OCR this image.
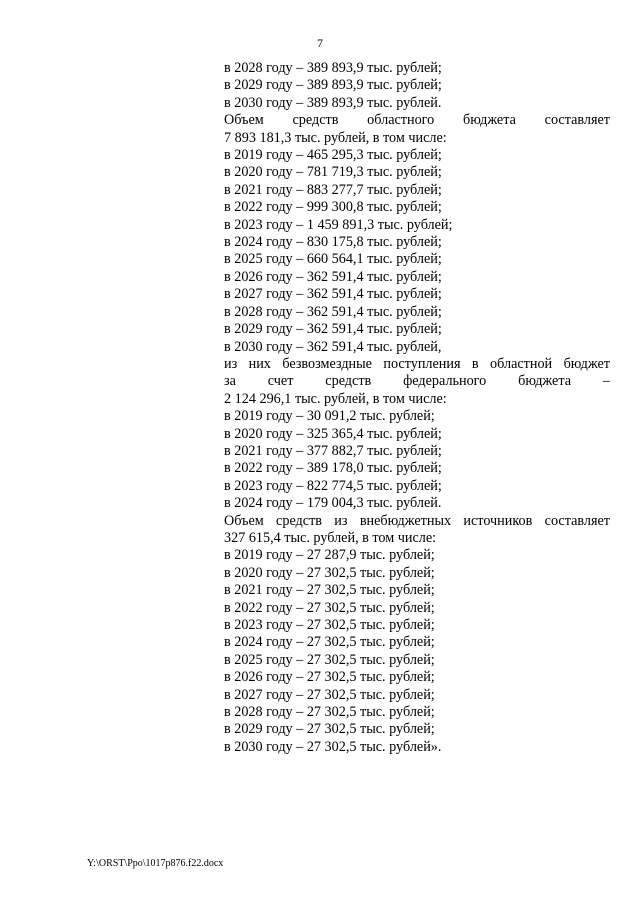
7
в 2028 году – 389 893,9 тыс. рублей;
в 2029 году – 389 893,9 тыс. рублей;
в 2030 году – 389 893,9 тыс. рублей.
Объем средств областного бюджета составляет
7 893 181,3 тыс. рублей, в том числе:
в 2019 году – 465 295,3 тыс. рублей;
в 2020 году – 781 719,3 тыс. рублей;
в 2021 году – 883 277,7 тыс. рублей;
в 2022 году – 999 300,8 тыс. рублей;
в 2023 году – 1 459 891,3 тыс. рублей;
в 2024 году – 830 175,8 тыс. рублей;
в 2025 году – 660 564,1 тыс. рублей;
в 2026 году – 362 591,4 тыс. рублей;
в 2027 году – 362 591,4 тыс. рублей;
в 2028 году – 362 591,4 тыс. рублей;
в 2029 году – 362 591,4 тыс. рублей;
в 2030 году – 362 591,4 тыс. рублей,
из них безвозмездные поступления в областной бюджет
за счет средств федерального бюджета –
2 124 296,1 тыс. рублей, в том числе:
в 2019 году – 30 091,2 тыс. рублей;
в 2020 году – 325 365,4 тыс. рублей;
в 2021 году – 377 882,7 тыс. рублей;
в 2022 году – 389 178,0 тыс. рублей;
в 2023 году – 822 774,5 тыс. рублей;
в 2024 году – 179 004,3 тыс. рублей.
Объем средств из внебюджетных источников составляет
327 615,4 тыс. рублей, в том числе:
в 2019 году – 27 287,9 тыс. рублей;
в 2020 году – 27 302,5 тыс. рублей;
в 2021 году – 27 302,5 тыс. рублей;
в 2022 году – 27 302,5 тыс. рублей;
в 2023 году – 27 302,5 тыс. рублей;
в 2024 году – 27 302,5 тыс. рублей;
в 2025 году – 27 302,5 тыс. рублей;
в 2026 году – 27 302,5 тыс. рублей;
в 2027 году – 27 302,5 тыс. рублей;
в 2028 году – 27 302,5 тыс. рублей;
в 2029 году – 27 302,5 тыс. рублей;
в 2030 году – 27 302,5 тыс. рублей».
Y:\ORST\Ppo\1017p876.f22.docx
